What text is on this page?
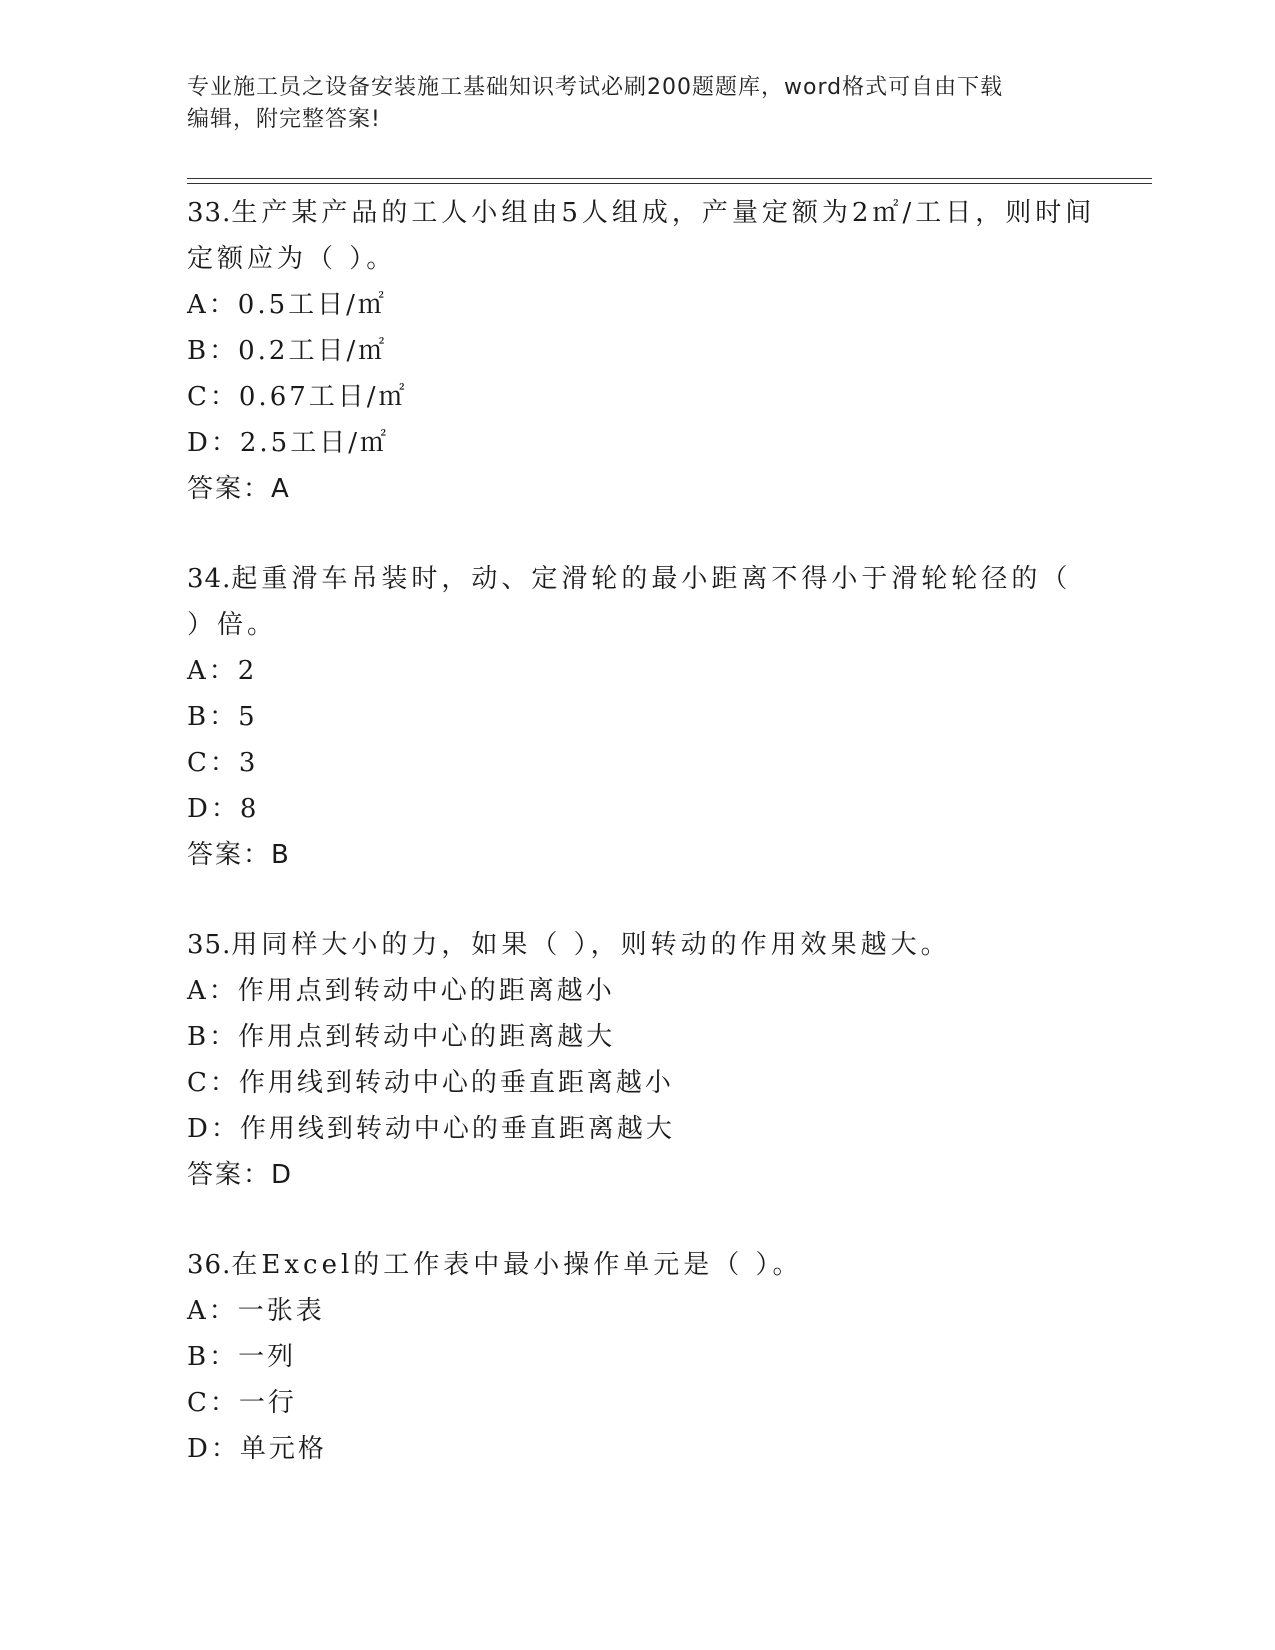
专业施工员之设备安装施工基础知识考试必刷200题题库，word格式可自由下载
编辑，附完整答案!
33.生产某产品的工人小组由5人组成，产量定额为2㎡/工日，则时间
定额应为（ ）。
A：0.5工日/㎡
B：0.2工日/㎡
C：0.67工日/㎡
D：2.5工日/㎡
答案：A
34.起重滑车吊装时，动、定滑轮的最小距离不得小于滑轮轮径的（
）倍。
A：2
B：5
C：3
D：8
答案：B
35.用同样大小的力，如果（ ），则转动的作用效果越大。
A：作用点到转动中心的距离越小
B：作用点到转动中心的距离越大
C：作用线到转动中心的垂直距离越小
D：作用线到转动中心的垂直距离越大
答案：D
36.在Excel的工作表中最小操作单元是（ ）。
A：一张表
B：一列
C：一行
D：单元格
